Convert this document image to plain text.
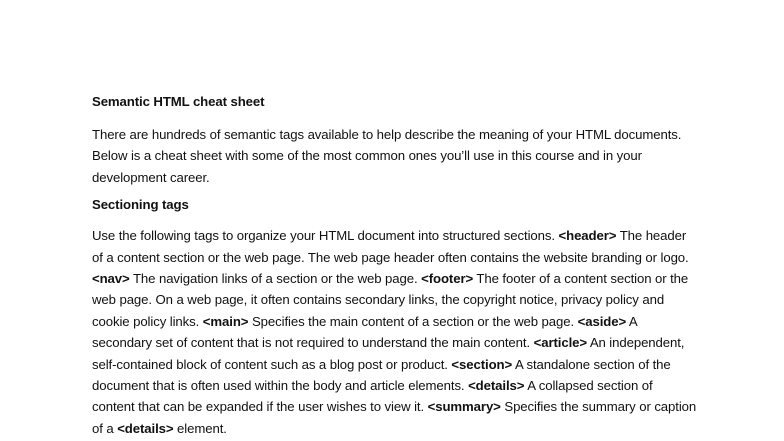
Semantic HTML cheat sheet

There are hundreds of semantic tags available to help describe the meaning of your HTML documents. Below is a cheat sheet with some of the most common ones you’ll use in this course and in your development career.

Sectioning tags

Use the following tags to organize your HTML document into structured sections. <header> The header of a content section or the web page. The web page header often contains the website branding or logo. <nav> The navigation links of a section or the web page. <footer> The footer of a content section or the web page. On a web page, it often contains secondary links, the copyright notice, privacy policy and cookie policy links. <main> Specifies the main content of a section or the web page. <aside> A secondary set of content that is not required to understand the main content. <article> An independent, self-contained block of content such as a blog post or product. <section> A standalone section of the document that is often used within the body and article elements. <details> A collapsed section of content that can be expanded if the user wishes to view it. <summary> Specifies the summary or caption of a <details> element.
